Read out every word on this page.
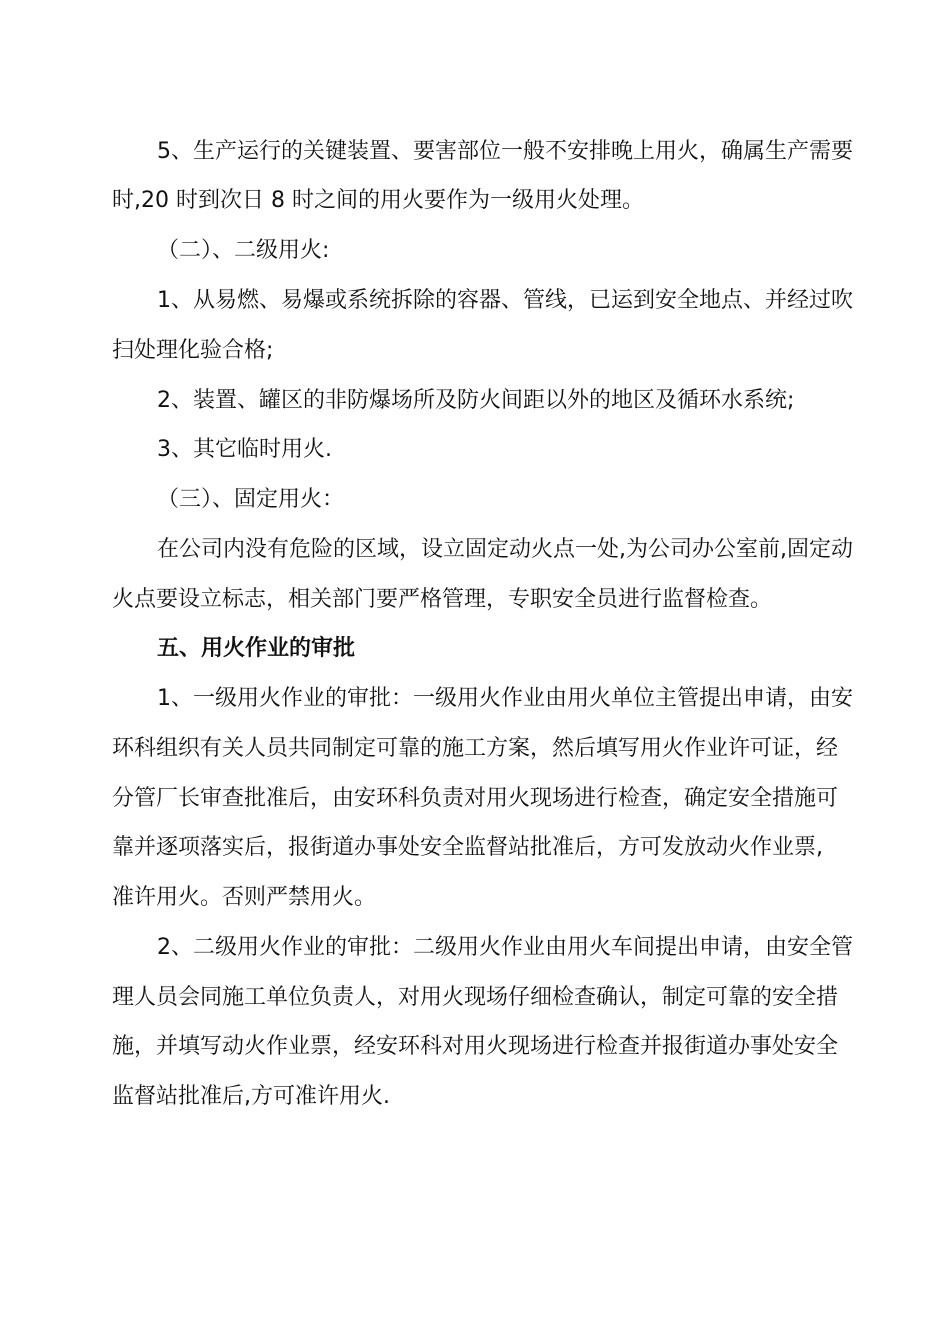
5、生产运行的关键装置、要害部位一般不安排晚上用火，确属生产需要
时,20 时到次日 8 时之间的用火要作为一级用火处理。
（二）、二级用火:
1、从易燃、易爆或系统拆除的容器、管线，已运到安全地点、并经过吹
扫处理化验合格;
2、装置、罐区的非防爆场所及防火间距以外的地区及循环水系统;
3、其它临时用火.
（三）、固定用火：
在公司内没有危险的区域，设立固定动火点一处,为公司办公室前,固定动
火点要设立标志，相关部门要严格管理，专职安全员进行监督检查。
五、用火作业的审批
1、一级用火作业的审批：一级用火作业由用火单位主管提出申请，由安
环科组织有关人员共同制定可靠的施工方案，然后填写用火作业许可证，经
分管厂长审查批准后，由安环科负责对用火现场进行检查，确定安全措施可
靠并逐项落实后，报街道办事处安全监督站批准后，方可发放动火作业票,
准许用火。否则严禁用火。
2、二级用火作业的审批：二级用火作业由用火车间提出申请，由安全管
理人员会同施工单位负责人，对用火现场仔细检查确认，制定可靠的安全措
施，并填写动火作业票，经安环科对用火现场进行检查并报街道办事处安全
监督站批准后,方可准许用火.
